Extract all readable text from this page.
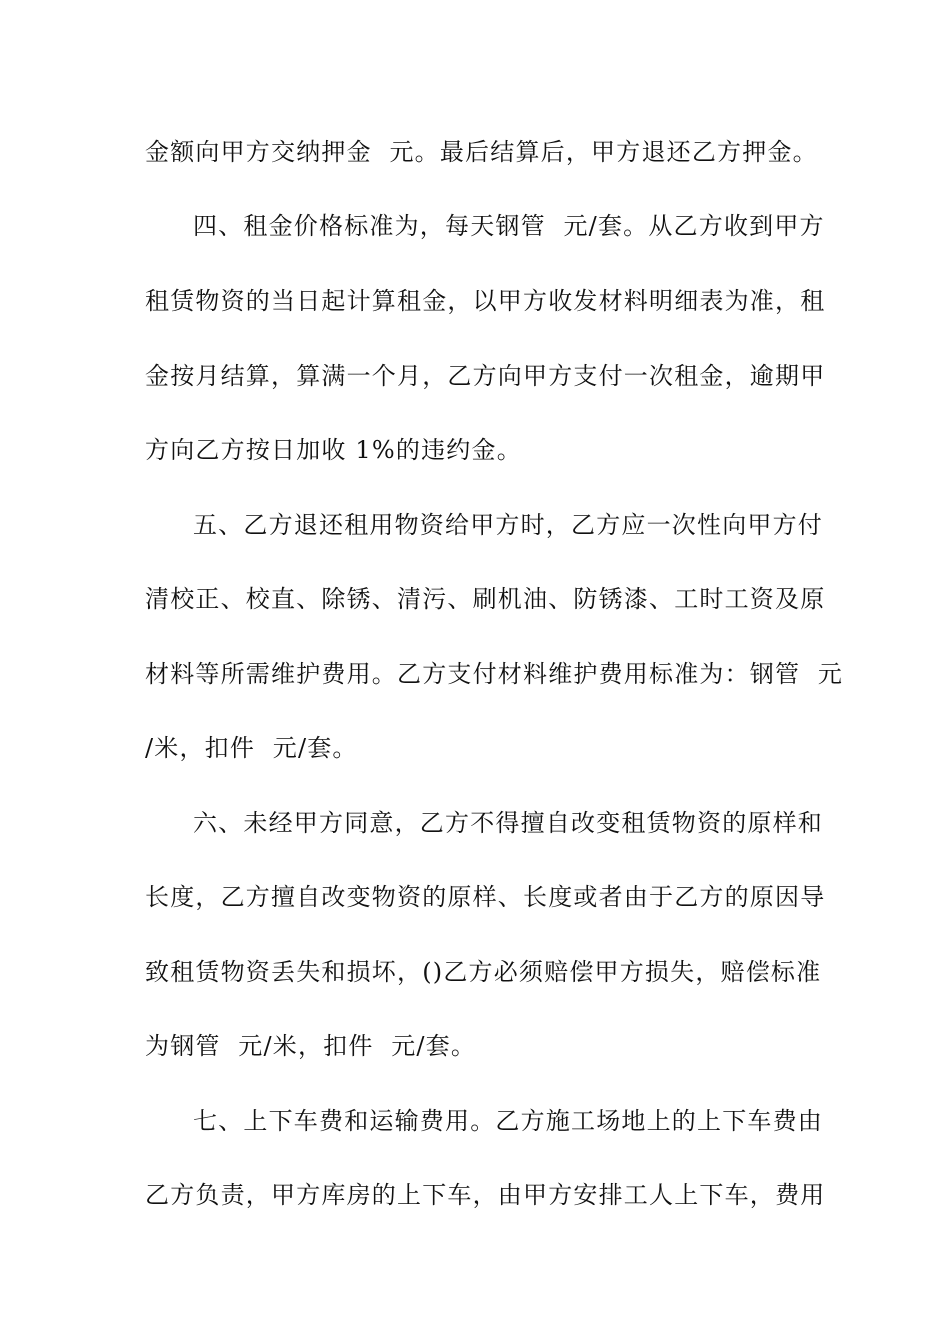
金额向甲方交纳押金  元。最后结算后，甲方退还乙方押金。
四、租金价格标准为，每天钢管  元/套。从乙方收到甲方
租赁物资的当日起计算租金，以甲方收发材料明细表为准，租
金按月结算，算满一个月，乙方向甲方支付一次租金，逾期甲
方向乙方按日加收 1%的违约金。
五、乙方退还租用物资给甲方时，乙方应一次性向甲方付
清校正、校直、除锈、清污、刷机油、防锈漆、工时工资及原
材料等所需维护费用。乙方支付材料维护费用标准为：钢管  元
/米，扣件  元/套。
六、未经甲方同意，乙方不得擅自改变租赁物资的原样和
长度，乙方擅自改变物资的原样、长度或者由于乙方的原因导
致租赁物资丢失和损坏，()乙方必须赔偿甲方损失，赔偿标准
为钢管  元/米，扣件  元/套。
七、上下车费和运输费用。乙方施工场地上的上下车费由
乙方负责，甲方库房的上下车，由甲方安排工人上下车，费用
